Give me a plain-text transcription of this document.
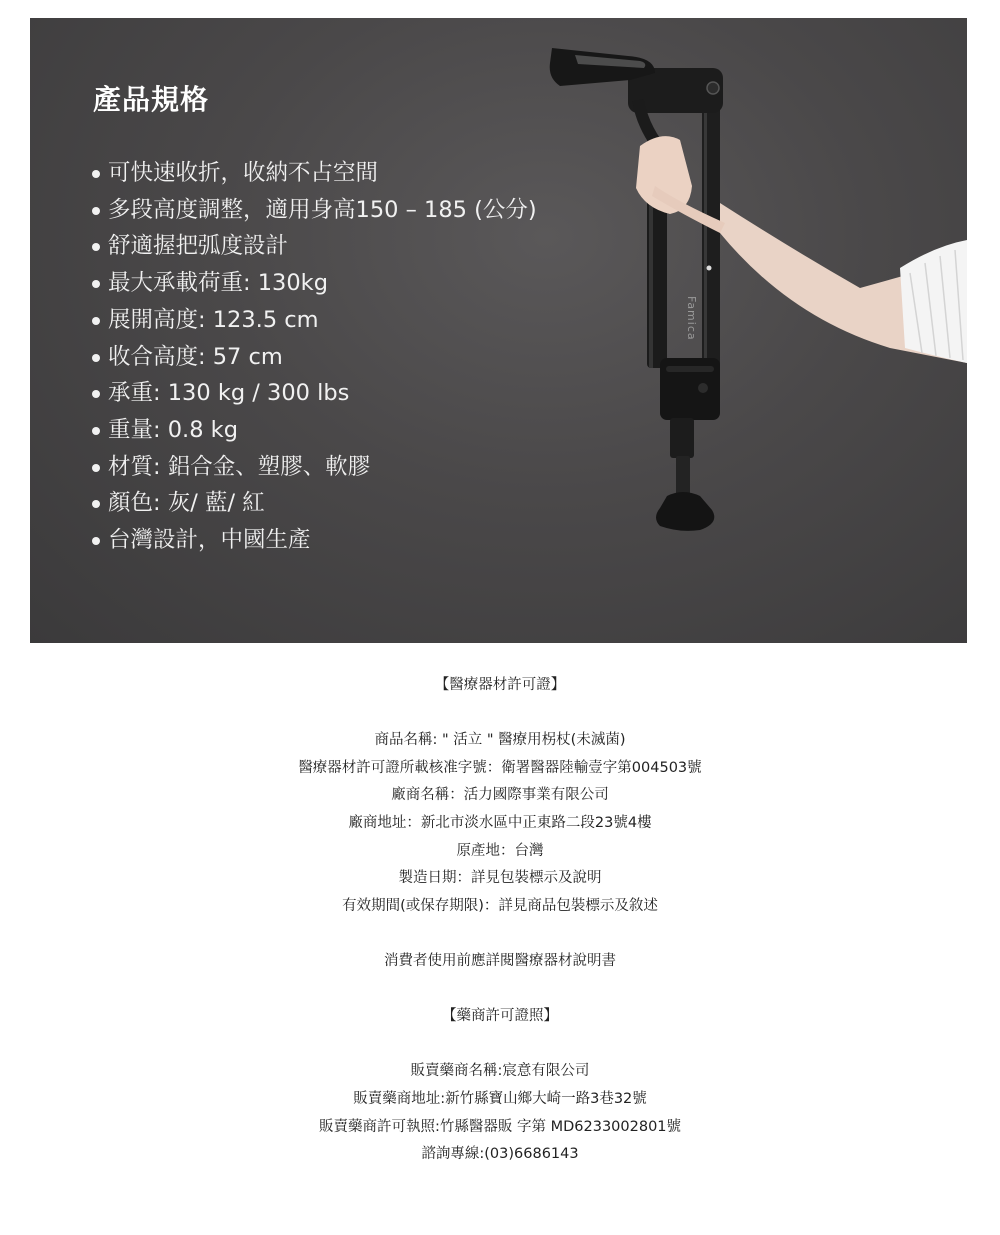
Famica
產品規格
可快速收折，收納不占空間
多段高度調整，適用身高150 – 185 (公分)
舒適握把弧度設計
最大承載荷重: 130kg
展開高度: 123.5 cm
收合高度: 57 cm
承重: 130 kg / 300 lbs
重量: 0.8 kg
材質: 鋁合金、塑膠、軟膠
顏色: 灰/ 藍/ 紅
台灣設計，中國生產
【醫療器材許可證】
商品名稱: " 活立 " 醫療用柺杖(未滅菌)
醫療器材許可證所載核准字號：衛署醫器陸輸壹字第004503號
廠商名稱：活力國際事業有限公司
廠商地址：新北市淡水區中正東路二段23號4樓
原產地：台灣
製造日期：詳見包裝標示及說明
有效期間(或保存期限)：詳見商品包裝標示及敘述
消費者使用前應詳閱醫療器材說明書
【藥商許可證照】
販賣藥商名稱:宸意有限公司
販賣藥商地址:新竹縣寶山鄉大崎一路3巷32號
販賣藥商許可執照:竹縣醫器販 字第 MD6233002801號
諮詢專線:(03)6686143
